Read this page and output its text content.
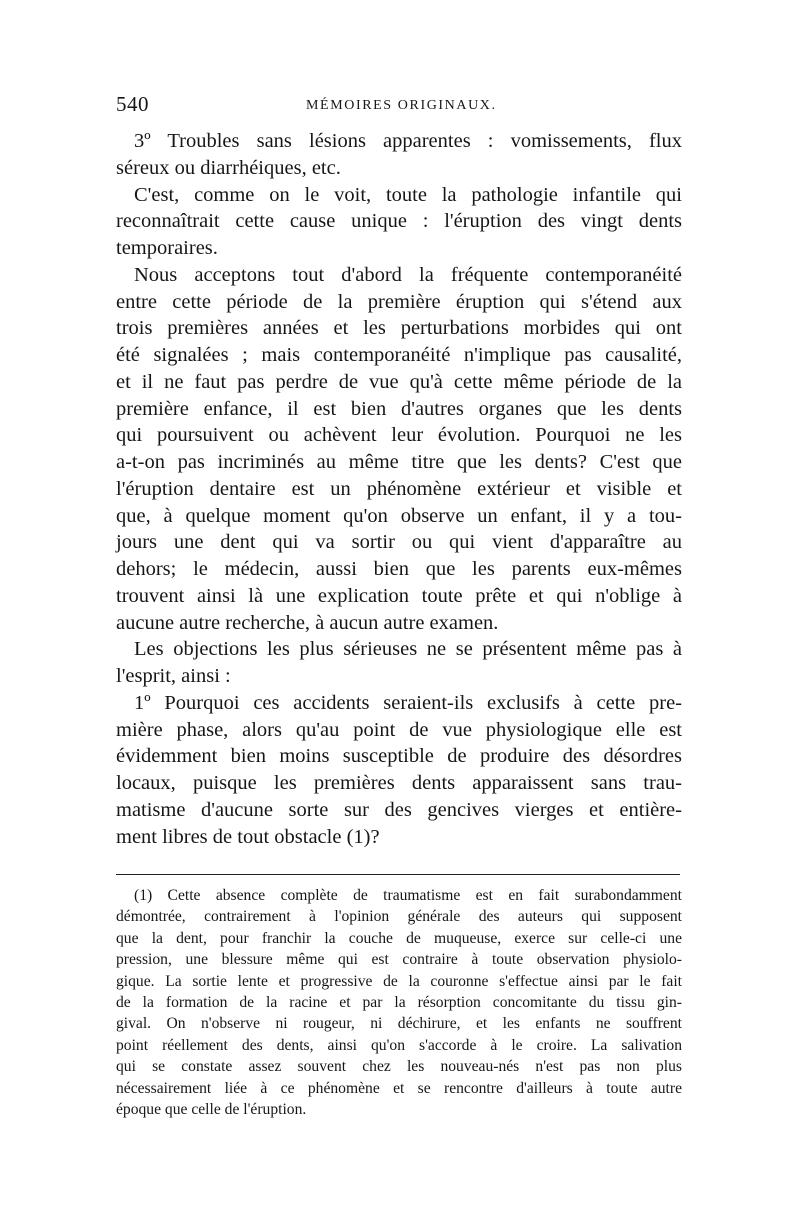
540	MÉMOIRES ORIGINAUX.
3º Troubles sans lésions apparentes : vomissements, flux
séreux ou diarrhéiques, etc.
C'est, comme on le voit, toute la pathologie infantile qui
reconnaîtrait cette cause unique : l'éruption des vingt dents
temporaires.
Nous acceptons tout d'abord la fréquente contemporanéité
entre cette période de la première éruption qui s'étend aux
trois premières années et les perturbations morbides qui ont
été signalées ; mais contemporanéité n'implique pas causalité,
et il ne faut pas perdre de vue qu'à cette même période de la
première enfance, il est bien d'autres organes que les dents
qui poursuivent ou achèvent leur évolution. Pourquoi ne les
a-t-on pas incriminés au même titre que les dents? C'est que
l'éruption dentaire est un phénomène extérieur et visible et
que, à quelque moment qu'on observe un enfant, il y a tou-
jours une dent qui va sortir ou qui vient d'apparaître au
dehors; le médecin, aussi bien que les parents eux-mêmes
trouvent ainsi là une explication toute prête et qui n'oblige à
aucune autre recherche, à aucun autre examen.
Les objections les plus sérieuses ne se présentent même pas à
l'esprit, ainsi :
1º Pourquoi ces accidents seraient-ils exclusifs à cette pre-
mière phase, alors qu'au point de vue physiologique elle est
évidemment bien moins susceptible de produire des désordres
locaux, puisque les premières dents apparaissent sans trau-
matisme d'aucune sorte sur des gencives vierges et entière-
ment libres de tout obstacle (1)?
(1) Cette absence complète de traumatisme est en fait surabondamment
démontrée, contrairement à l'opinion générale des auteurs qui supposent
que la dent, pour franchir la couche de muqueuse, exerce sur celle-ci une
pression, une blessure même qui est contraire à toute observation physiolo-
gique. La sortie lente et progressive de la couronne s'effectue ainsi par le fait
de la formation de la racine et par la résorption concomitante du tissu gin-
gival. On n'observe ni rougeur, ni déchirure, et les enfants ne souffrent
point réellement des dents, ainsi qu'on s'accorde à le croire. La salivation
qui se constate assez souvent chez les nouveau-nés n'est pas non plus
nécessairement liée à ce phénomène et se rencontre d'ailleurs à toute autre
époque que celle de l'éruption.
